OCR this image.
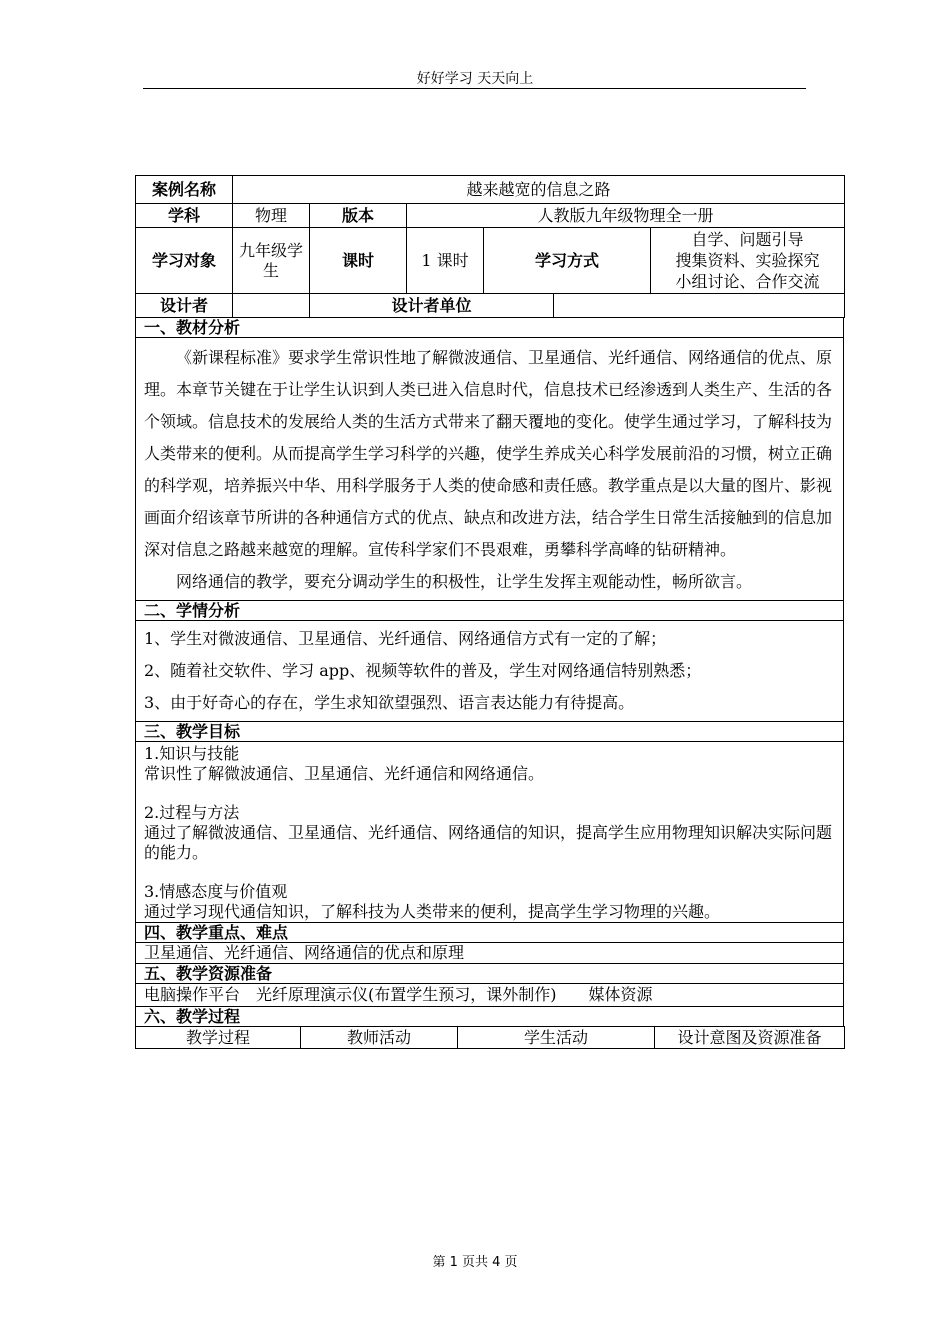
好好学习 天天向上
案例名称	越来越宽的信息之路					
学科	物理	版本	人教版九年级物理全一册			
学习对象	九年级学生	课时	1 课时	学习方式		自学、问题引导
搜集资料、实验探究
小组讨论、合作交流

设计者		设计者单位				
一、教材分析

《新课程标准》要求学生常识性地了解微波通信、卫星通信、光纤通信、网络通信的优点、原理。本章节关键在于让学生认识到人类已进入信息时代，信息技术已经渗透到人类生产、生活的各个领域。信息技术的发展给人类的生活方式带来了翻天覆地的变化。使学生通过学习，了解科技为人类带来的便利。从而提高学生学习科学的兴趣，使学生养成关心科学发展前沿的习惯，树立正确的科学观，培养振兴中华、用科学服务于人类的使命感和责任感。教学重点是以大量的图片、影视画面介绍该章节所讲的各种通信方式的优点、缺点和改进方法，结合学生日常生活接触到的信息加深对信息之路越来越宽的理解。宣传科学家们不畏艰难，勇攀科学高峰的钻研精神。

网络通信的教学，要充分调动学生的积极性，让学生发挥主观能动性，畅所欲言。

二、学情分析

1、学生对微波通信、卫星通信、光纤通信、网络通信方式有一定的了解；

2、随着社交软件、学习 app、视频等软件的普及，学生对网络通信特别熟悉；

3、由于好奇心的存在，学生求知欲望强烈、语言表达能力有待提高。

三、教学目标

1.知识与技能

常识性了解微波通信、卫星通信、光纤通信和网络通信。

2.过程与方法

通过了解微波通信、卫星通信、光纤通信、网络通信的知识，提高学生应用物理知识解决实际问题的能力。

3.情感态度与价值观

通过学习现代通信知识，了解科技为人类带来的便利，提高学生学习物理的兴趣。

四、教学重点、难点
卫星通信、光纤通信、网络通信的优点和原理
五、教学资源准备
电脑操作平台　光纤原理演示仪(布置学生预习，课外制作)　　媒体资源
六、教学过程
教学过程	教师活动	学生活动	设计意图及资源准备
第 1 页共 4 页
